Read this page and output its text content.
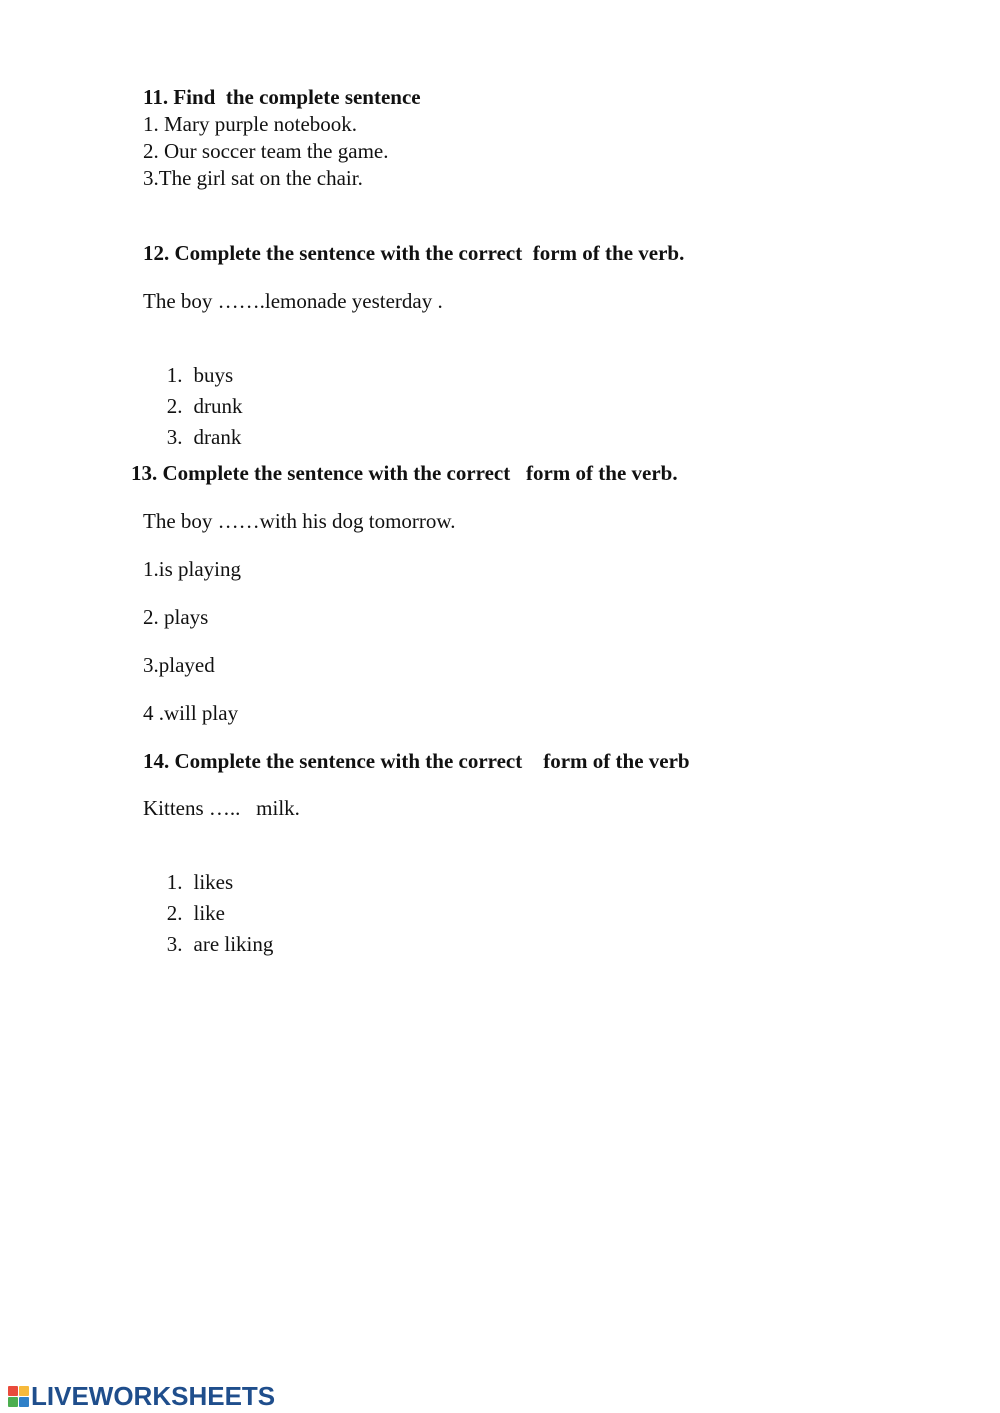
11. Find  the complete sentence
1. Mary purple notebook.
2. Our soccer team the game.
3.The girl sat on the chair.
12. Complete the sentence with the correct  form of the verb.
The boy …….lemonade yesterday .

1. buys

2. drunk

3. drank

13. Complete the sentence with the correct   form of the verb.
The boy ……with his dog tomorrow.
1.is playing
2. plays
3.played
4 .will play
14. Complete the sentence with the correct    form of the verb
Kittens …..   milk.

1. likes

2. like

3. are liking

LIVEWORKSHEETS
